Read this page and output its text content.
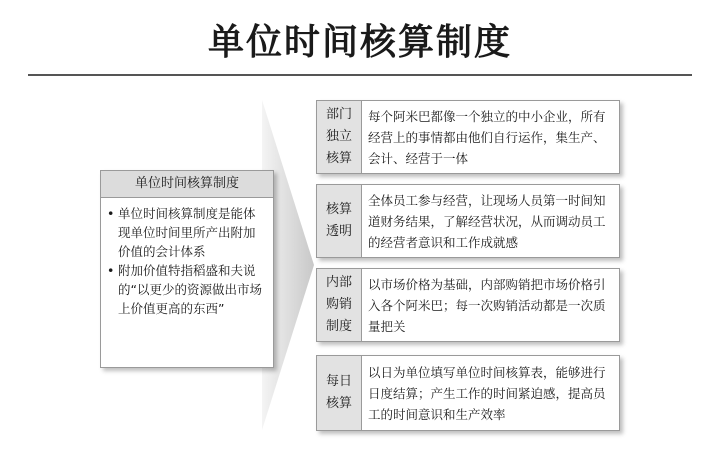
单位时间核算制度
单位时间核算制度
• 单位时间核算制度是能体现单位时间里所产出附加价值的会计体系
• 附加价值特指稻盛和夫说的“以更少的资源做出市场上价值更高的东西”
部门独立核算
每个阿米巴都像一个独立的中小企业，所有经营上的事情都由他们自行运作，集生产、会计、经营于一体
核算透明
全体员工参与经营，让现场人员第一时间知道财务结果，了解经营状况，从而调动员工的经营者意识和工作成就感
内部购销制度
以市场价格为基础，内部购销把市场价格引入各个阿米巴；每一次购销活动都是一次质量把关
每日核算
以日为单位填写单位时间核算表，能够进行日度结算；产生工作的时间紧迫感，提高员工的时间意识和生产效率
